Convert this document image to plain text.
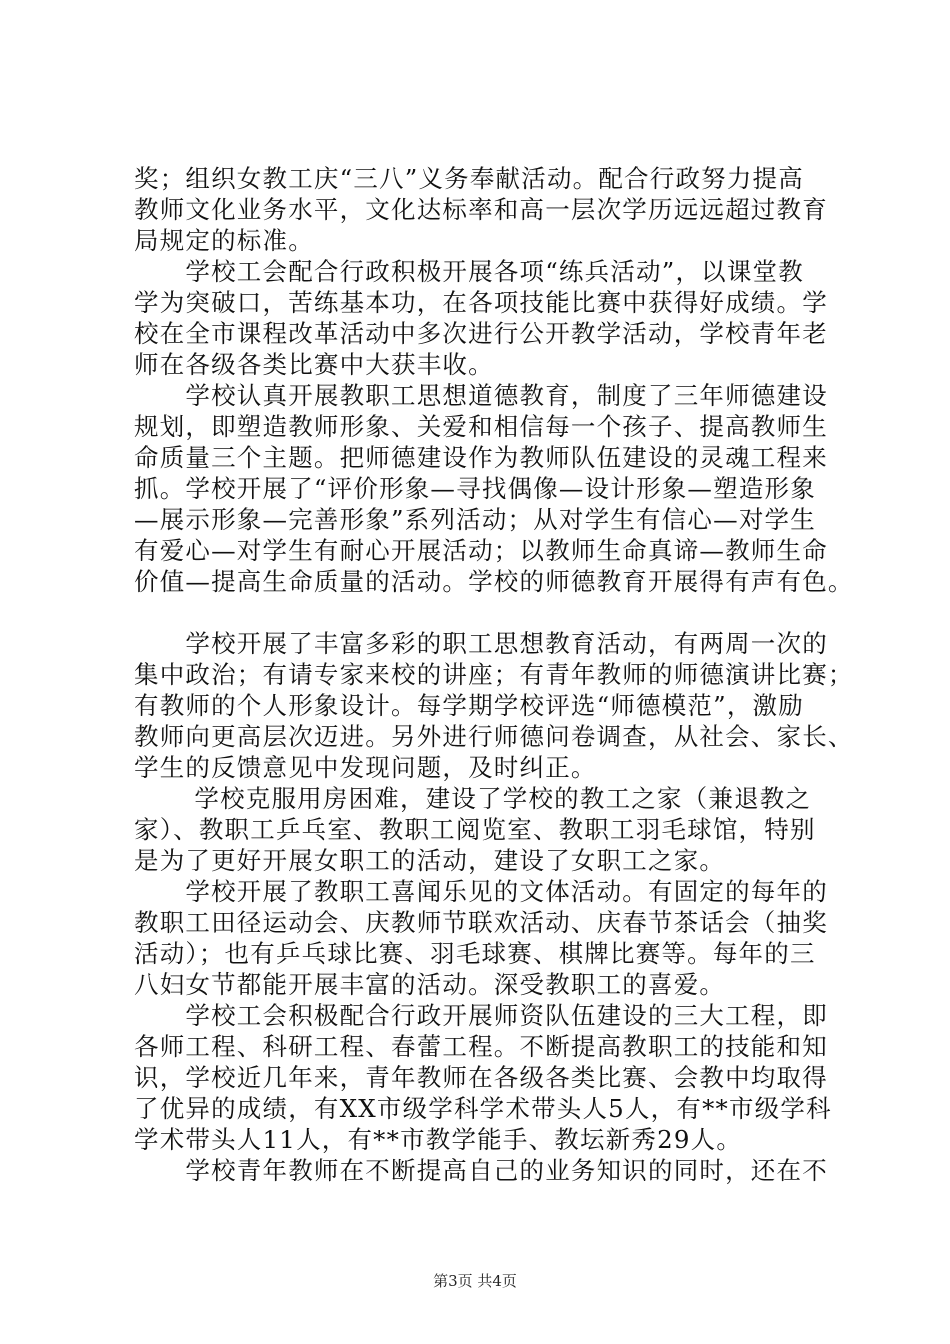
奖；组织女教工庆“三八”义务奉献活动。配合行政努力提高
教师文化业务水平，文化达标率和高一层次学历远远超过教育
局规定的标准。
　　学校工会配合行政积极开展各项“练兵活动”，以课堂教
学为突破口，苦练基本功，在各项技能比赛中获得好成绩。学
校在全市课程改革活动中多次进行公开教学活动，学校青年老
师在各级各类比赛中大获丰收。
　　学校认真开展教职工思想道德教育，制度了三年师德建设
规划，即塑造教师形象、关爱和相信每一个孩子、提高教师生
命质量三个主题。把师德建设作为教师队伍建设的灵魂工程来
抓。学校开展了“评价形象—寻找偶像—设计形象—塑造形象
—展示形象—完善形象”系列活动；从对学生有信心—对学生
有爱心—对学生有耐心开展活动；以教师生命真谛—教师生命
价值—提高生命质量的活动。学校的师德教育开展得有声有色。
　　学校开展了丰富多彩的职工思想教育活动，有两周一次的
集中政治；有请专家来校的讲座；有青年教师的师德演讲比赛；
有教师的个人形象设计。每学期学校评选“师德模范”，激励
教师向更高层次迈进。另外进行师德问卷调查，从社会、家长、
学生的反馈意见中发现问题，及时纠正。
　　 学校克服用房困难，建设了学校的教工之家（兼退教之
家）、教职工乒乓室、教职工阅览室、教职工羽毛球馆，特别
是为了更好开展女职工的活动，建设了女职工之家。
　　学校开展了教职工喜闻乐见的文体活动。有固定的每年的
教职工田径运动会、庆教师节联欢活动、庆春节茶话会（抽奖
活动）；也有乒乓球比赛、羽毛球赛、棋牌比赛等。每年的三
八妇女节都能开展丰富的活动。深受教职工的喜爱。
　　学校工会积极配合行政开展师资队伍建设的三大工程，即
各师工程、科研工程、春蕾工程。不断提高教职工的技能和知
识，学校近几年来，青年教师在各级各类比赛、会教中均取得
了优异的成绩，有XX市级学科学术带头人5人，有**市级学科
学术带头人11人，有**市教学能手、教坛新秀29人。
　　学校青年教师在不断提高自己的业务知识的同时，还在不
第3页 共4页
